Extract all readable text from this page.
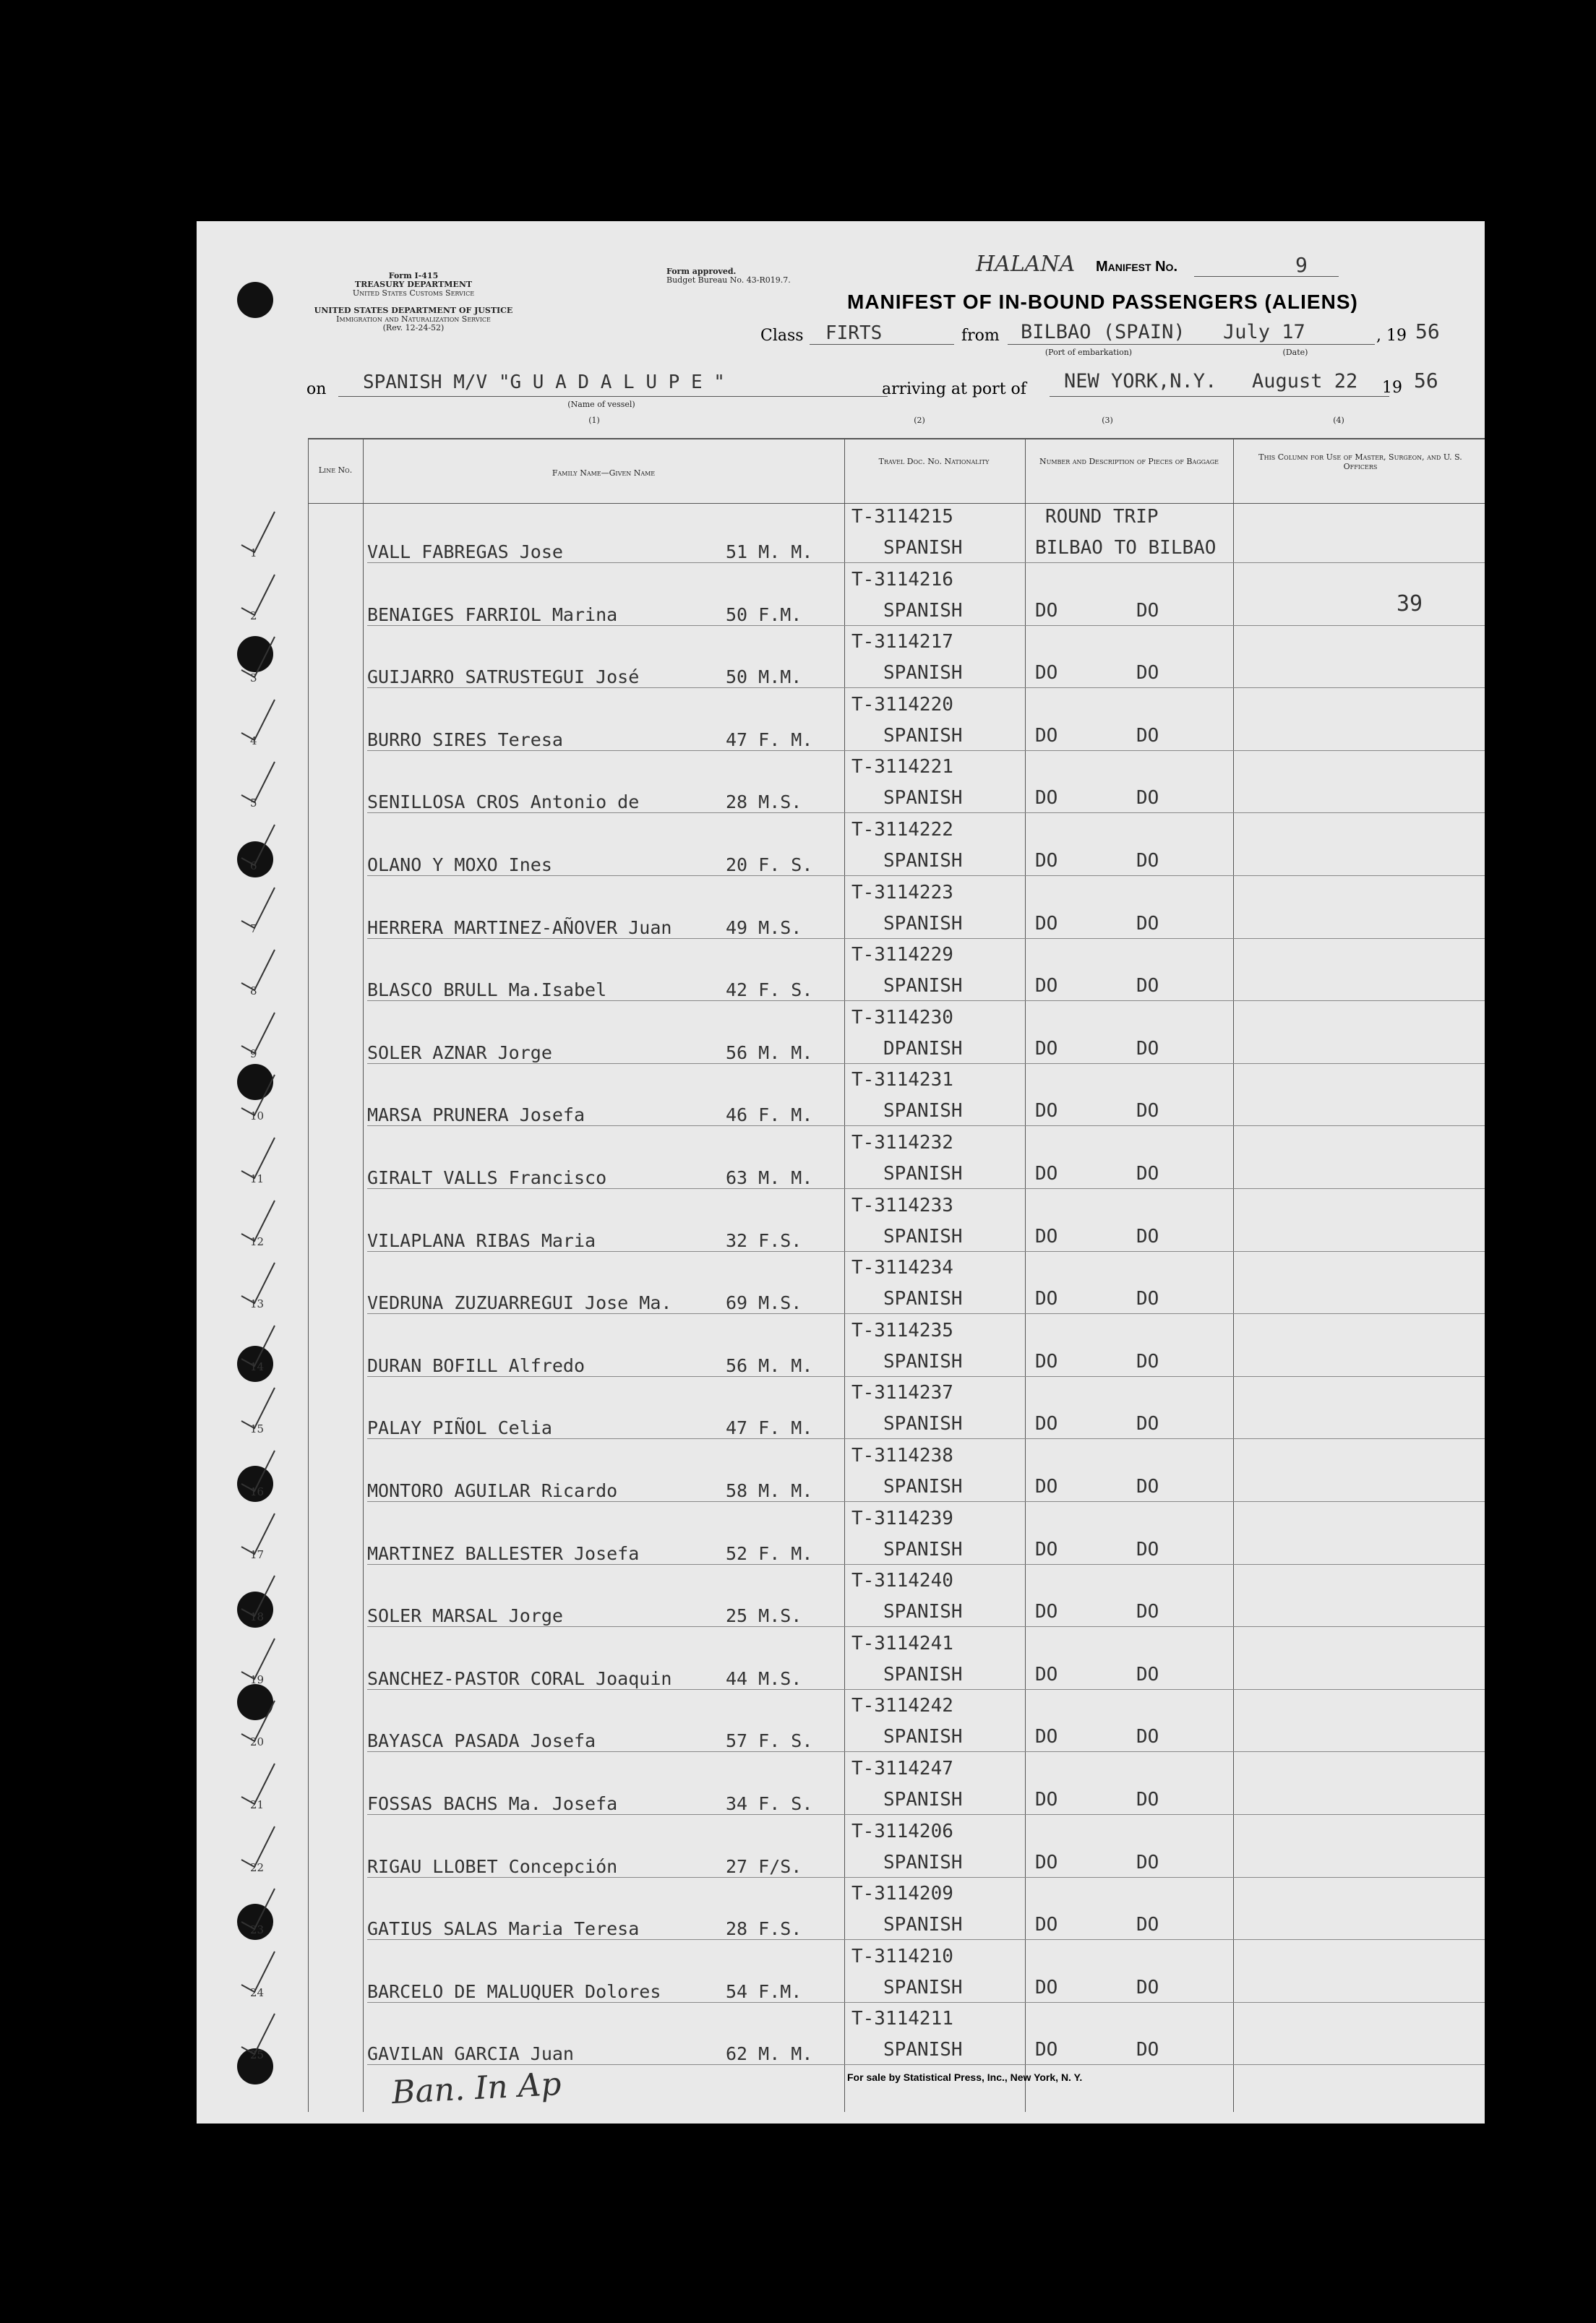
Form I-415
TREASURY DEPARTMENT
United States Customs Service
UNITED STATES DEPARTMENT OF JUSTICE
Immigration and Naturalization Service
(Rev. 12-24-52)
Form approved.
Budget Bureau No. 43-R019.7.
HALANA Manifest No.	9
MANIFEST OF IN-BOUND PASSENGERS (ALIENS)
Class FIRTS	from BILBAO (SPAIN) July 17	, 19 56
(Port of embarkation)	(Date)
on SPANISH M/V "G U A D A L U P E "
(Name of vessel)
arriving at port of NEW YORK,N.Y. August 22 19 56
(1)	(2)	(3)	(4)
Line No.	Family Name—Given Name
Travel Doc. No. Nationality	Number and Description of Pieces of Baggage	This Column for Use of Master, Surgeon, and U. S. Officers
1	VALL FABREGAS Jose	51 M. M.
T-3114215
SPANISH
ROUND TRIP
BILBAO TO BILBAO
2	BENAIGES FARRIOL Marina	50 F.M.
T-3114216
SPANISH	DO	DO
3	GUIJARRO SATRUSTEGUI José	50 M.M.
T-3114217
SPANISH	DO	DO
4	BURRO SIRES Teresa	47 F. M.
T-3114220
SPANISH	DO	DO
5	SENILLOSA CROS Antonio de	28 M.S.
T-3114221
SPANISH	DO	DO
6	OLANO Y MOXO Ines	20 F. S.
T-3114222
SPANISH	DO	DO
7	HERRERA MARTINEZ-AÑOVER Juan	49 M.S.
T-3114223
SPANISH	DO	DO
8	BLASCO BRULL Ma.Isabel	42 F. S.
T-3114229
SPANISH	DO	DO
9	SOLER AZNAR Jorge	56 M. M.
T-3114230
DPANISH	DO	DO
10	MARSA PRUNERA Josefa	46 F. M.
T-3114231
SPANISH	DO	DO
11	GIRALT VALLS Francisco	63 M. M.
T-3114232
SPANISH	DO	DO
12	VILAPLANA RIBAS Maria	32 F.S.
T-3114233
SPANISH	DO	DO
13	VEDRUNA ZUZUARREGUI Jose Ma.	69 M.S.
T-3114234
SPANISH	DO	DO
14	DURAN BOFILL Alfredo	56 M. M.
T-3114235
SPANISH	DO	DO
15	PALAY PIÑOL Celia	47 F. M.
T-3114237
SPANISH	DO	DO
16	MONTORO AGUILAR Ricardo	58 M. M.
T-3114238
SPANISH	DO	DO
17	MARTINEZ BALLESTER Josefa	52 F. M.
T-3114239
SPANISH	DO	DO
18	SOLER MARSAL Jorge	25 M.S.
T-3114240
SPANISH	DO	DO
19	SANCHEZ-PASTOR CORAL Joaquin	44 M.S.
T-3114241
SPANISH	DO	DO
20	BAYASCA PASADA Josefa	57 F. S.
T-3114242
SPANISH	DO	DO
21	FOSSAS BACHS Ma. Josefa	34 F. S.
T-3114247
SPANISH	DO	DO
22	RIGAU LLOBET Concepción	27 F/S.
T-3114206
SPANISH	DO	DO
23	GATIUS SALAS Maria Teresa	28 F.S.
T-3114209
SPANISH	DO	DO
24	BARCELO DE MALUQUER Dolores	54 F.M.
T-3114210
SPANISH	DO	DO
25	GAVILAN GARCIA Juan	62 M. M.
T-3114211
SPANISH	DO	DO
39
Ban. In Ap	For sale by Statistical Press, Inc., New York, N. Y.
